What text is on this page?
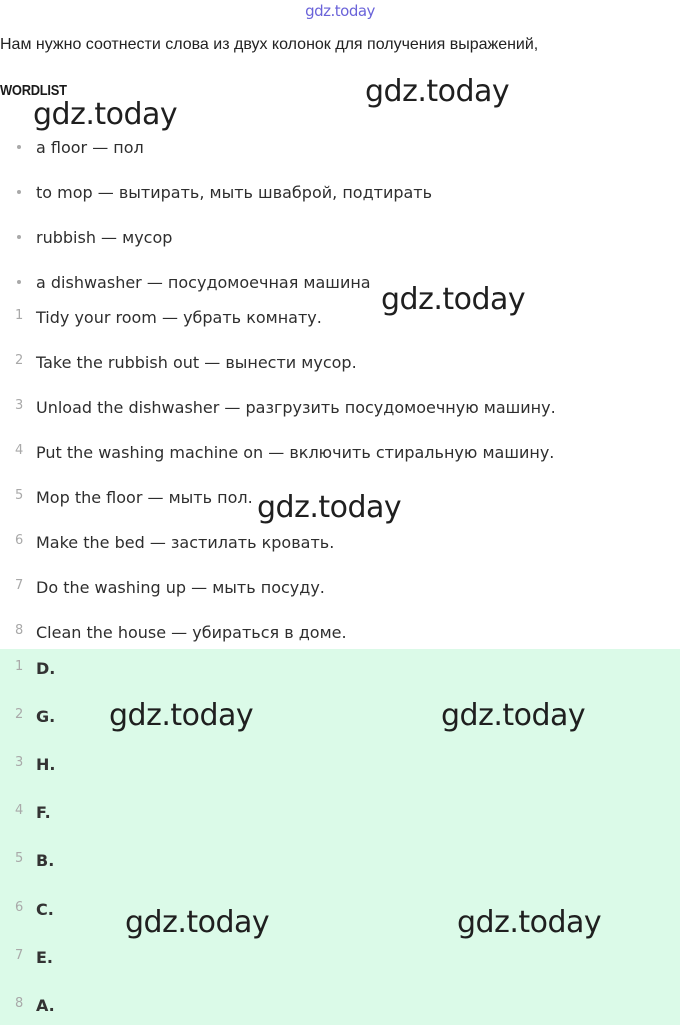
gdz.today
Нам нужно соотнести слова из двух колонок для получения выражений,
WORDLIST
a floor — пол
to mop — вытирать, мыть шваброй, подтирать
rubbish — мусор
a dishwasher — посудомоечная машина
1 Tidy your room — убрать комнату.
2 Take the rubbish out — вынести мусор.
3 Unload the dishwasher — разгрузить посудомоечную машину.
4 Put the washing machine on — включить стиральную машину.
5 Mop the floor — мыть пол.
6 Make the bed — застилать кровать.
7 Do the washing up — мыть посуду.
8 Clean the house — убираться в доме.
1 D.
2 G.
3 H.
4 F.
5 B.
6 C.
7 E.
8 A.
gdz.today
gdz.today
gdz.today
gdz.today
gdz.today	gdz.today
gdz.today	gdz.today
